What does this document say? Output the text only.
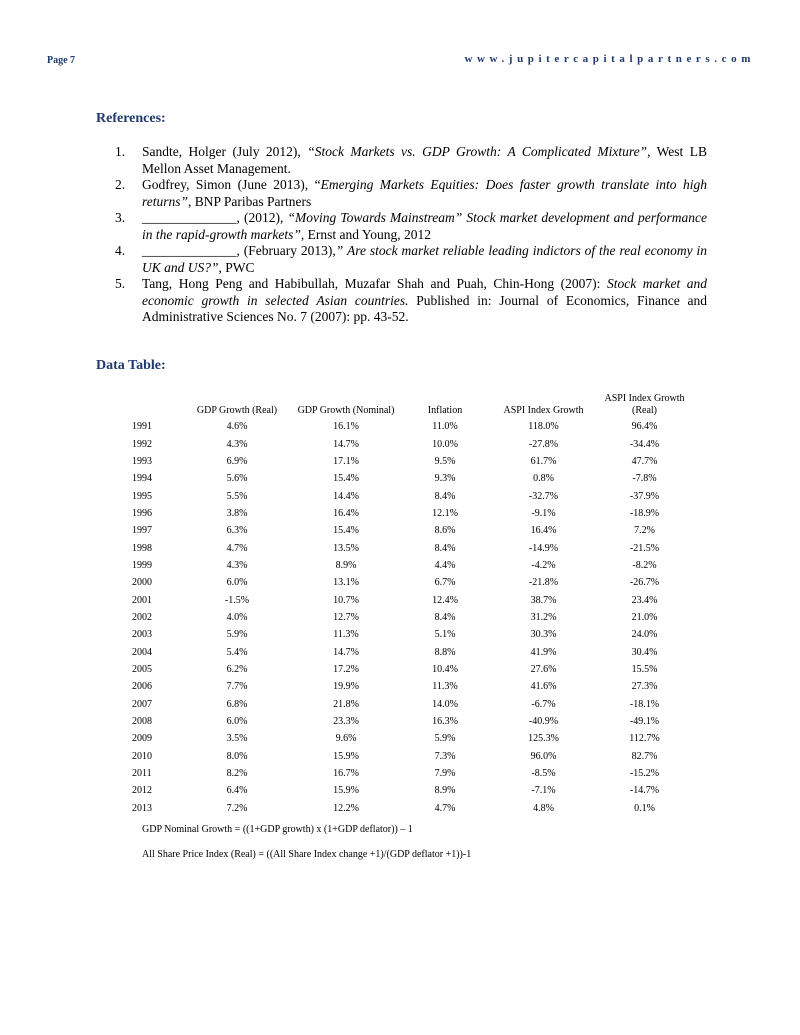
Page 7	www.jupitercapitalpartners.com
References:
1. Sandte, Holger (July 2012), “Stock Markets vs. GDP Growth: A Complicated Mixture”, West LB Mellon Asset Management.
2. Godfrey, Simon (June 2013), “Emerging Markets Equities: Does faster growth translate into high returns”, BNP Paribas Partners
3. ______________, (2012), “Moving Towards Mainstream” Stock market development and performance in the rapid-growth markets”, Ernst and Young, 2012
4. ______________, (February 2013),” Are stock market reliable leading indictors of the real economy in UK and US?”, PWC
5. Tang, Hong Peng and Habibullah, Muzafar Shah and Puah, Chin-Hong (2007): Stock market and economic growth in selected Asian countries. Published in: Journal of Economics, Finance and Administrative Sciences No. 7 (2007): pp. 43-52.
Data Table:
	GDP Growth (Real)	GDP Growth (Nominal)	Inflation	ASPI Index Growth	ASPI Index Growth (Real)
1991	4.6%	16.1%	11.0%	118.0%	96.4%
1992	4.3%	14.7%	10.0%	-27.8%	-34.4%
1993	6.9%	17.1%	9.5%	61.7%	47.7%
1994	5.6%	15.4%	9.3%	0.8%	-7.8%
1995	5.5%	14.4%	8.4%	-32.7%	-37.9%
1996	3.8%	16.4%	12.1%	-9.1%	-18.9%
1997	6.3%	15.4%	8.6%	16.4%	7.2%
1998	4.7%	13.5%	8.4%	-14.9%	-21.5%
1999	4.3%	8.9%	4.4%	-4.2%	-8.2%
2000	6.0%	13.1%	6.7%	-21.8%	-26.7%
2001	-1.5%	10.7%	12.4%	38.7%	23.4%
2002	4.0%	12.7%	8.4%	31.2%	21.0%
2003	5.9%	11.3%	5.1%	30.3%	24.0%
2004	5.4%	14.7%	8.8%	41.9%	30.4%
2005	6.2%	17.2%	10.4%	27.6%	15.5%
2006	7.7%	19.9%	11.3%	41.6%	27.3%
2007	6.8%	21.8%	14.0%	-6.7%	-18.1%
2008	6.0%	23.3%	16.3%	-40.9%	-49.1%
2009	3.5%	9.6%	5.9%	125.3%	112.7%
2010	8.0%	15.9%	7.3%	96.0%	82.7%
2011	8.2%	16.7%	7.9%	-8.5%	-15.2%
2012	6.4%	15.9%	8.9%	-7.1%	-14.7%
2013	7.2%	12.2%	4.7%	4.8%	0.1%
GDP Nominal Growth = ((1+GDP growth) x (1+GDP deflator)) – 1
All Share Price Index (Real) = ((All Share Index change +1)/(GDP deflator +1))-1
